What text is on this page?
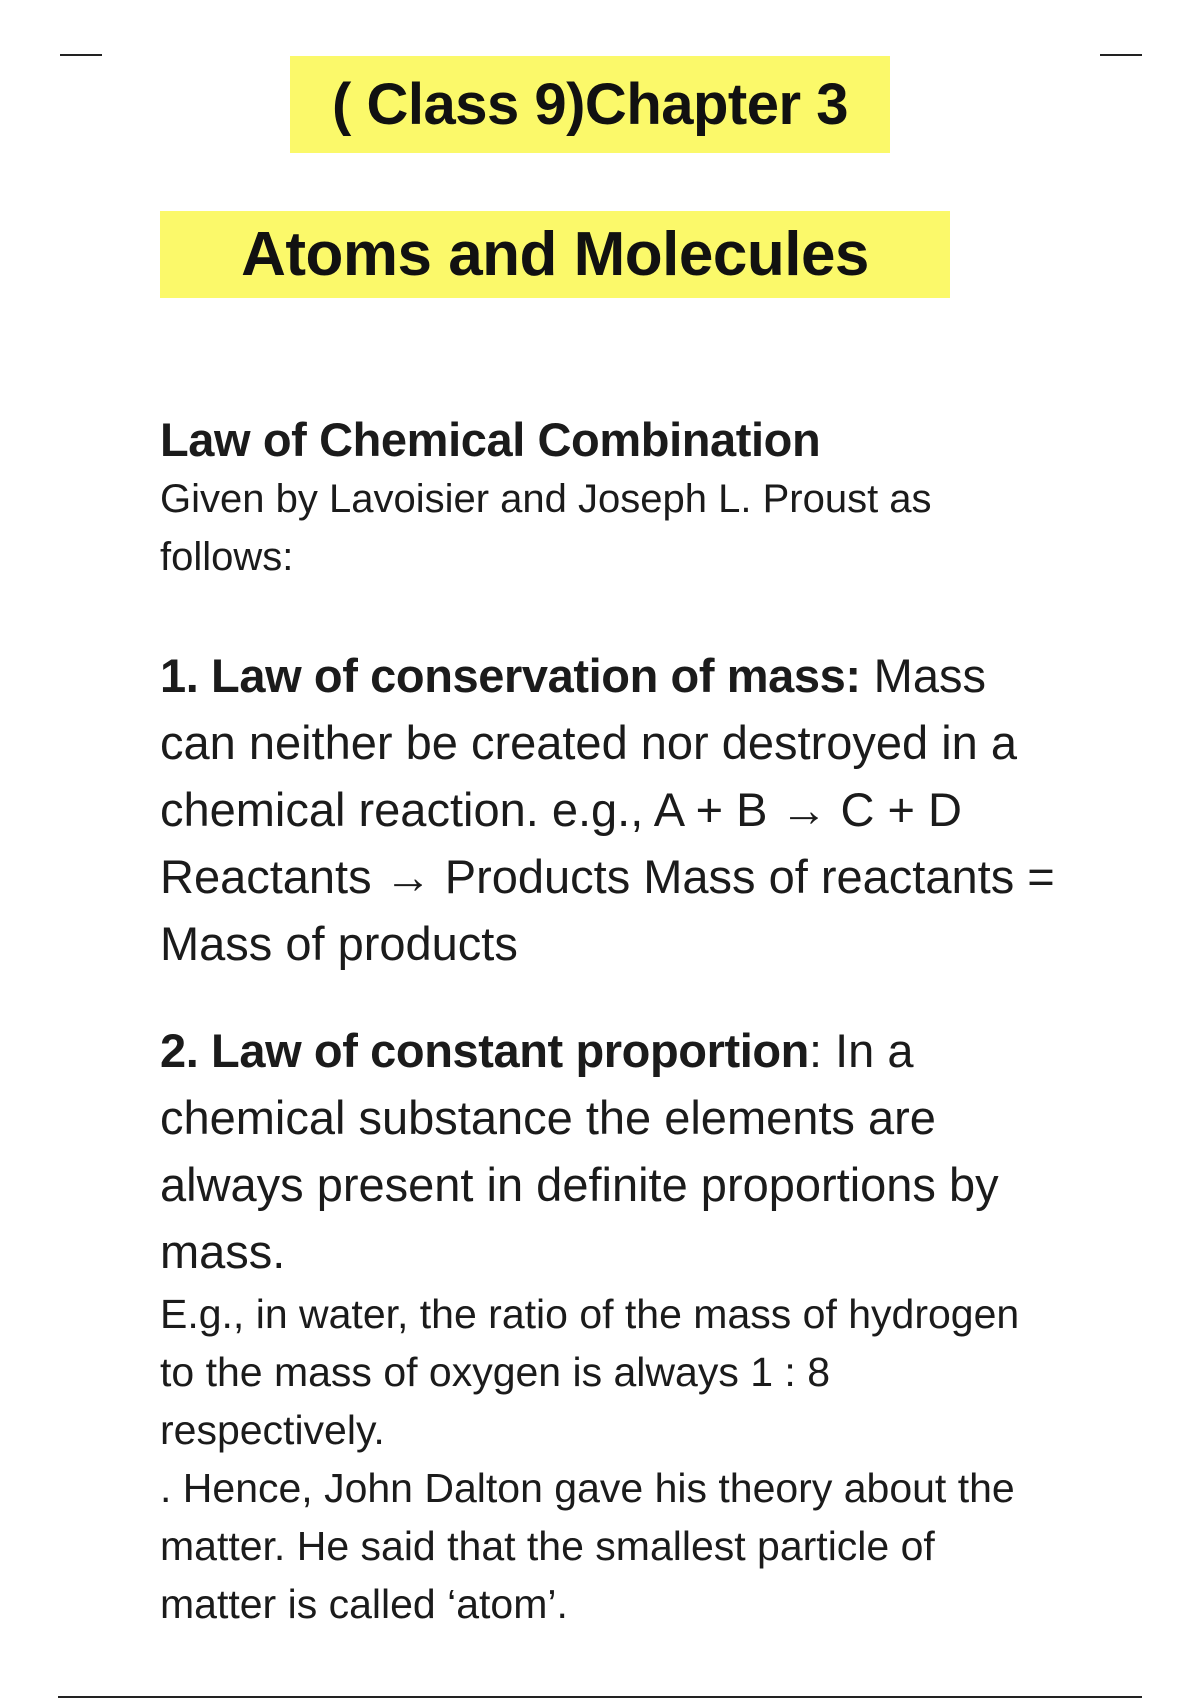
( Class 9)Chapter 3
Atoms and Molecules

Law of Chemical Combination

Given by Lavoisier and Joseph L. Proust as follows:

1. Law of conservation of mass: Mass can neither be created nor destroyed in a chemical reaction. e.g., A + B → C + D Reactants → Products Mass of reactants = Mass of products

2. Law of constant proportion: In a chemical substance the elements are always present in definite proportions by mass.

E.g., in water, the ratio of the mass of hydrogen to the mass of oxygen is always 1 : 8 respectively.

. Hence, John Dalton gave his theory about the matter. He said that the smallest particle of matter is called ‘atom’.
